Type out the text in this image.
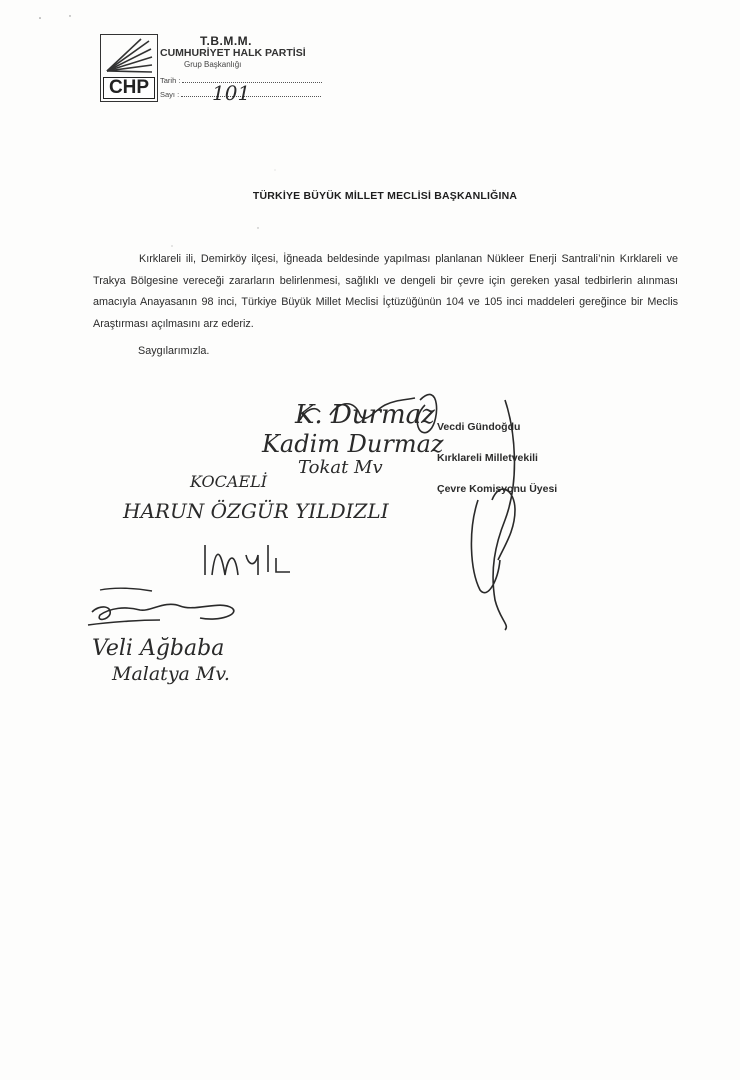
CHP
T.B.M.M.
CUMHURİYET HALK PARTİSİ
Grup Başkanlığı
Tarih :
Sayı :	101
TÜRKİYE BÜYÜK MİLLET MECLİSİ BAŞKANLIĞINA

Kırklareli ili, Demirköy ilçesi, İğneada beldesinde yapılması planlanan Nükleer Enerji Santrali’nin Kırklareli ve Trakya Bölgesine vereceği zararların belirlenmesi, sağlıklı ve dengeli bir çevre için gereken yasal tedbirlerin alınması amacıyla Anayasanın 98 inci, Türkiye Büyük Millet Meclisi İçtüzüğünün 104 ve 105 inci maddeleri gereğince bir Meclis Araştırması açılmasını arz ederiz.

Saygılarımızla.
Vecdi Gündoğdu
Kırklareli Milletvekili
Çevre Komisyonu Üyesi
K. Durmaz
Kadim Durmaz
Tokat Mv
KOCAELİ
HARUN ÖZGÜR YILDIZLI
Veli Ağbaba
Malatya Mv.
